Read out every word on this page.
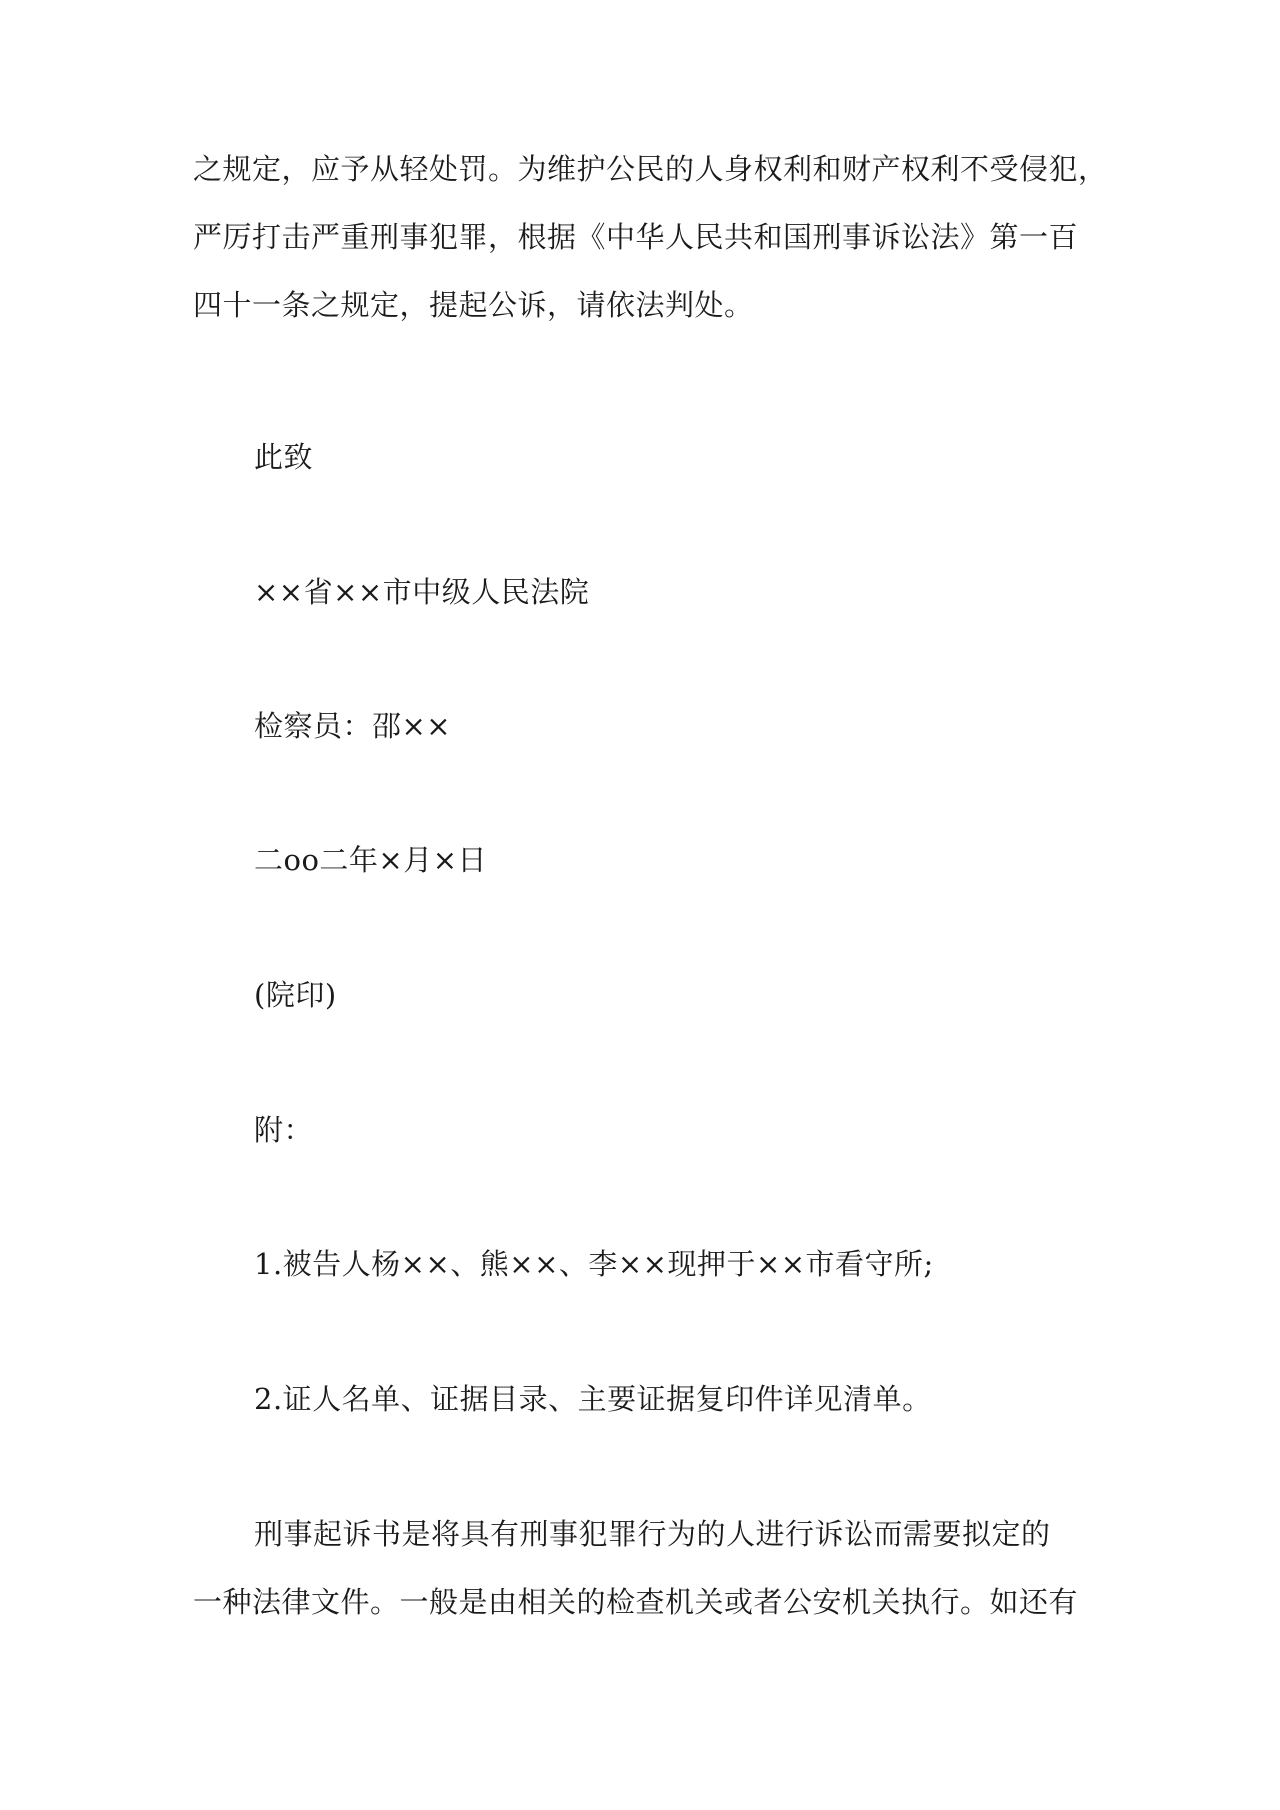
之规定，应予从轻处罚。为维护公民的人身权利和财产权利不受侵犯，
严厉打击严重刑事犯罪，根据《中华人民共和国刑事诉讼法》第一百
四十一条之规定，提起公诉，请依法判处。
此致
××省××市中级人民法院
检察员：邵××
二oo二年×月×日
(院印)
附：
1.被告人杨××、熊××、李××现押于××市看守所;
2.证人名单、证据目录、主要证据复印件详见清单。
刑事起诉书是将具有刑事犯罪行为的人进行诉讼而需要拟定的
一种法律文件。一般是由相关的检查机关或者公安机关执行。如还有
